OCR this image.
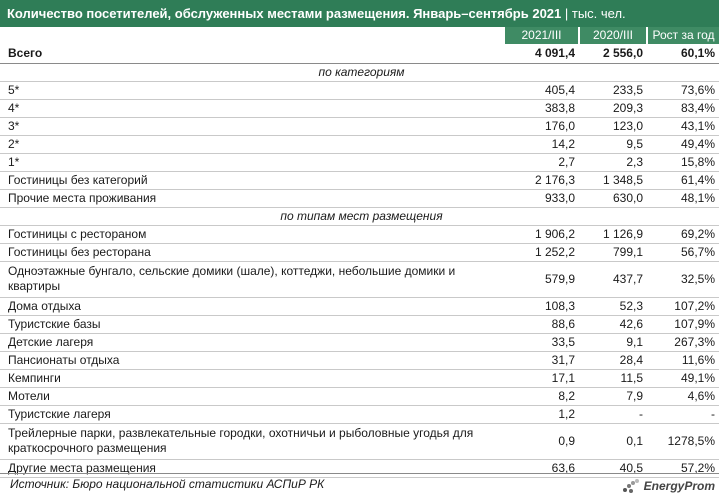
Количество посетителей, обслуженных местами размещения. Январь–сентябрь 2021 | тыс. чел.
2021/III	2020/III	Рост за год
Всего	4 091,4	2 556,0	60,1%
по категориям			
5*	405,4	233,5	73,6%
4*	383,8	209,3	83,4%
3*	176,0	123,0	43,1%
2*	14,2	9,5	49,4%
1*	2,7	2,3	15,8%
Гостиницы без категорий	2 176,3	1 348,5	61,4%
Прочие места проживания	933,0	630,0	48,1%
по типам мест размещения			
Гостиницы с рестораном	1 906,2	1 126,9	69,2%
Гостиницы без ресторана	1 252,2	799,1	56,7%
Одноэтажные бунгало, сельские домики (шале), коттеджи, небольшие домики и квартиры	579,9	437,7	32,5%
Дома отдыха	108,3	52,3	107,2%
Туристские базы	88,6	42,6	107,9%
Детские лагеря	33,5	9,1	267,3%
Пансионаты отдыха	31,7	28,4	11,6%
Кемпинги	17,1	11,5	49,1%
Мотели	8,2	7,9	4,6%
Туристские лагеря	1,2	-	-
Трейлерные парки, развлекательные городки, охотничьи и рыболовные угодья для краткосрочного размещения	0,9	0,1	1278,5%
Другие места размещения	63,6	40,5	57,2%
Источник: Бюро национальной статистики АСПиР РК	EnergyProm
